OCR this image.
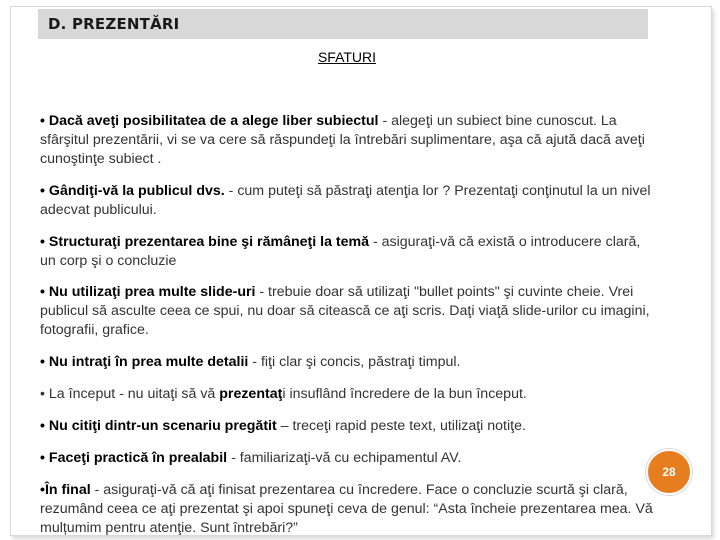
D. PREZENTĂRI
SFATURI

• Dacă aveţi posibilitatea de a alege liber subiectul - alegeţi un subiect bine cunoscut. La sfârşitul prezentării, vi se va cere să răspundeţi la întrebări suplimentare, aşa că ajută dacă aveţi cunoştinţe subiect .

• Gândiţi-vă la publicul dvs. - cum puteţi să păstraţi atenţia lor ? Prezentaţi conţinutul la un nivel adecvat publicului.

• Structuraţi prezentarea bine şi rămâneţi la temă - asiguraţi-vă că există o introducere clară, un corp şi o concluzie

• Nu utilizaţi prea multe slide-uri - trebuie doar să utilizaţi "bullet points" şi cuvinte cheie. Vrei publicul să asculte ceea ce spui, nu doar să citească ce aţi scris. Daţi viaţă slide-urilor cu imagini, fotografii, grafice.

• Nu intraţi în prea multe detalii - fiţi clar şi concis, păstraţi timpul.

• La început - nu uitaţi să vă prezentaţi insuflând încredere de la bun început.

• Nu citiţi dintr-un scenariu pregătit – treceţi rapid peste text, utilizaţi notiţe.

• Faceţi practică în prealabil - familiarizaţi-vă cu echipamentul AV.

•În final - asiguraţi-vă că aţi finisat prezentarea cu încredere. Face o concluzie scurtă şi clară, rezumând ceea ce aţi prezentat şi apoi spuneţi ceva de genul: “Asta încheie prezentarea mea. Vă mulțumim pentru atenţie. Sunt întrebări?”

28
